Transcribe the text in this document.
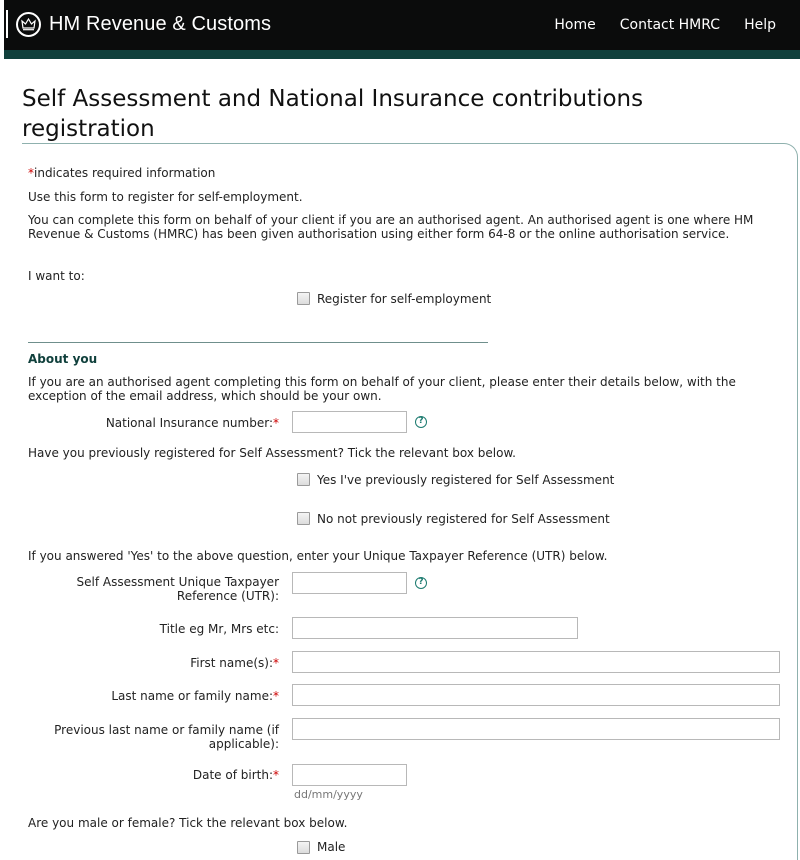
HM Revenue & Customs	Home Contact HMRC Help
Self Assessment and National Insurance contributions registration
*indicates required information
Use this form to register for self-employment.
You can complete this form on behalf of your client if you are an authorised agent. An authorised agent is one where HM Revenue & Customs (HMRC) has been given authorisation using either form 64-8 or the online authorisation service.
I want to:
Register for self-employment
About you
If you are an authorised agent completing this form on behalf of your client, please enter their details below, with the exception of the email address, which should be your own.
National Insurance number:*	?
Have you previously registered for Self Assessment? Tick the relevant box below.
Yes I've previously registered for Self Assessment
No not previously registered for Self Assessment
If you answered 'Yes' to the above question, enter your Unique Taxpayer Reference (UTR) below.
Self Assessment Unique Taxpayer Reference (UTR):
?
Title eg Mr, Mrs etc:
First name(s):*
Last name or family name:*
Previous last name or family name (if applicable):
Date of birth:*
dd/mm/yyyy
Are you male or female? Tick the relevant box below.
Male
